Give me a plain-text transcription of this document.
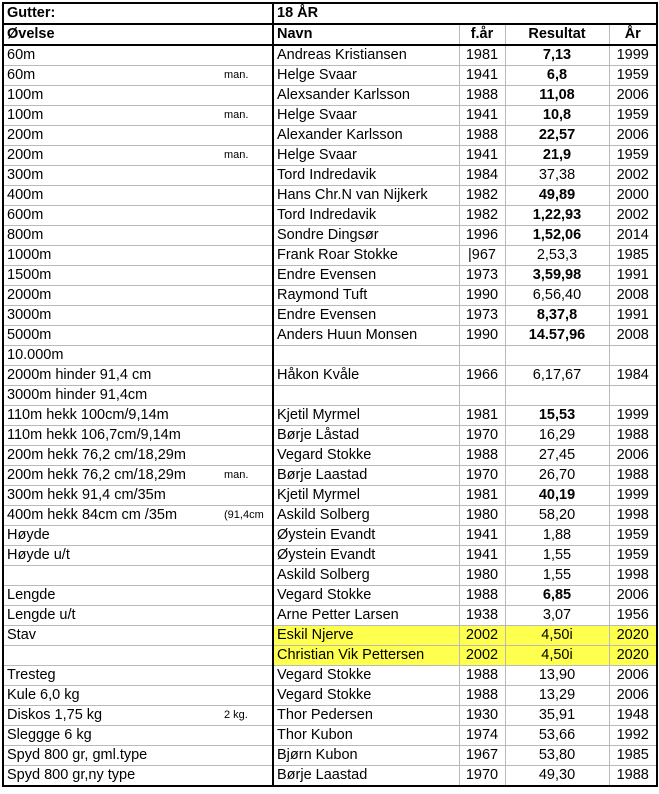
Gutter:		18 ÅR			
Øvelse		Navn	f.år	Resultat	År
60m		Andreas Kristiansen	1981	7,13	1999
60m	man.	Helge Svaar	1941	6,8	1959
100m		Alexsander Karlsson	1988	11,08	2006
100m	man.	Helge Svaar	1941	10,8	1959
200m		Alexander Karlsson	1988	22,57	2006
200m	man.	Helge Svaar	1941	21,9	1959
300m		Tord Indredavik	1984	37,38	2002
400m		Hans Chr.N van Nijkerk	1982	49,89	2000
600m		Tord Indredavik	1982	1,22,93	2002
800m		Sondre Dingsør	1996	1,52,06	2014
1000m		Frank Roar Stokke	|967	2,53,3	1985
1500m		Endre Evensen	1973	3,59,98	1991
2000m		Raymond Tuft	1990	6,56,40	2008
3000m		Endre Evensen	1973	8,37,8	1991
5000m		Anders Huun Monsen	1990	14.57,96	2008
10.000m					
2000m hinder 91,4 cm		Håkon Kvåle	1966	6,17,67	1984
3000m hinder 91,4cm					
110m hekk 100cm/9,14m		Kjetil Myrmel	1981	15,53	1999
110m hekk 106,7cm/9,14m		Børje Låstad	1970	16,29	1988
200m hekk 76,2 cm/18,29m		Vegard Stokke	1988	27,45	2006
200m hekk 76,2 cm/18,29m	man.	Børje Laastad	1970	26,70	1988
300m hekk 91,4 cm/35m		Kjetil Myrmel	1981	40,19	1999
400m hekk 84cm cm /35m	(91,4cm	Askild Solberg	1980	58,20	1998
Høyde		Øystein Evandt	1941	1,88	1959
Høyde u/t		Øystein Evandt	1941	1,55	1959
		Askild Solberg	1980	1,55	1998
Lengde		Vegard Stokke	1988	6,85	2006
Lengde u/t		Arne Petter Larsen	1938	3,07	1956
Stav		Eskil Njerve	2002	4,50i	2020
		Christian Vik Pettersen	2002	4,50i	2020
Tresteg		Vegard Stokke	1988	13,90	2006
Kule 6,0 kg		Vegard Stokke	1988	13,29	2006
Diskos 1,75 kg	2 kg.	Thor Pedersen	1930	35,91	1948
Sleggge 6 kg		Thor Kubon	1974	53,66	1992
Spyd 800 gr, gml.type		Bjørn Kubon	1967	53,80	1985
Spyd 800 gr,ny type		Børje Laastad	1970	49,30	1988
